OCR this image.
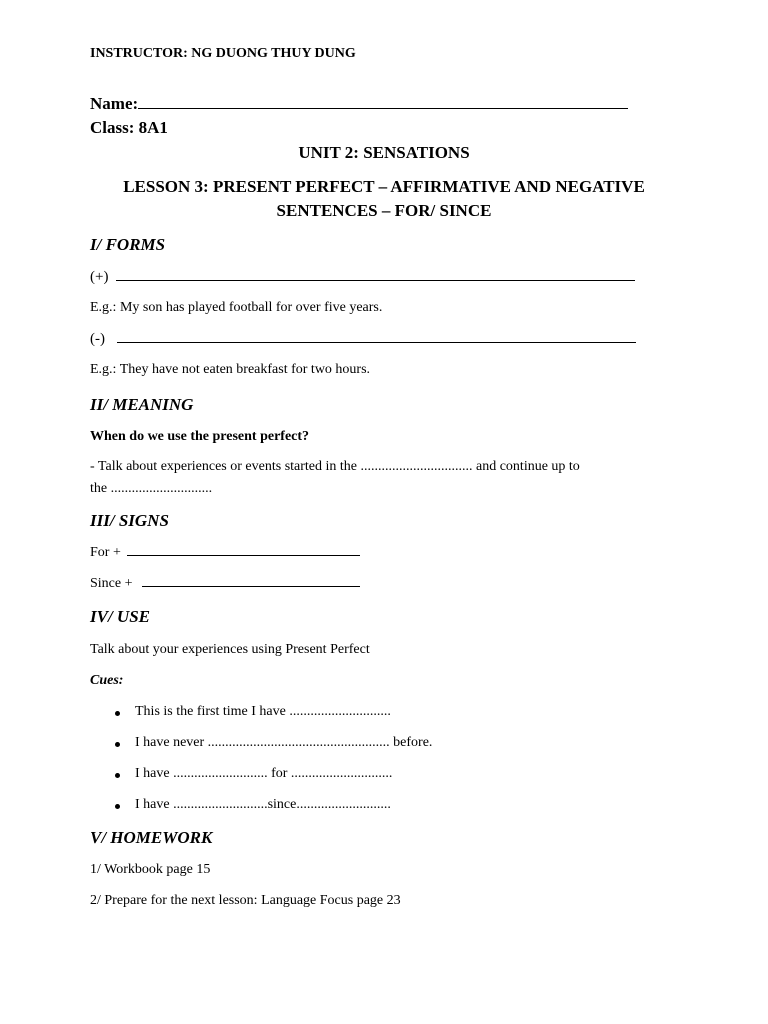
INSTRUCTOR: NG DUONG THUY DUNG
Name:
Class: 8A1
UNIT 2: SENSATIONS
LESSON 3: PRESENT PERFECT – AFFIRMATIVE AND NEGATIVE
SENTENCES – FOR/ SINCE
I/ FORMS
(+)
E.g.: My son has played football for over five years.
(-)
E.g.: They have not eaten breakfast for two hours.
II/ MEANING
When do we use the present perfect?
- Talk about experiences or events started in the ................................ and continue up to
the .............................
III/ SIGNS
For +
Since +
IV/ USE
Talk about your experiences using Present Perfect
Cues:
This is the first time I have .............................
I have never .................................................... before.
I have ........................... for .............................
I have ...........................since...........................
V/ HOMEWORK
1/ Workbook page 15
2/ Prepare for the next lesson: Language Focus page 23
